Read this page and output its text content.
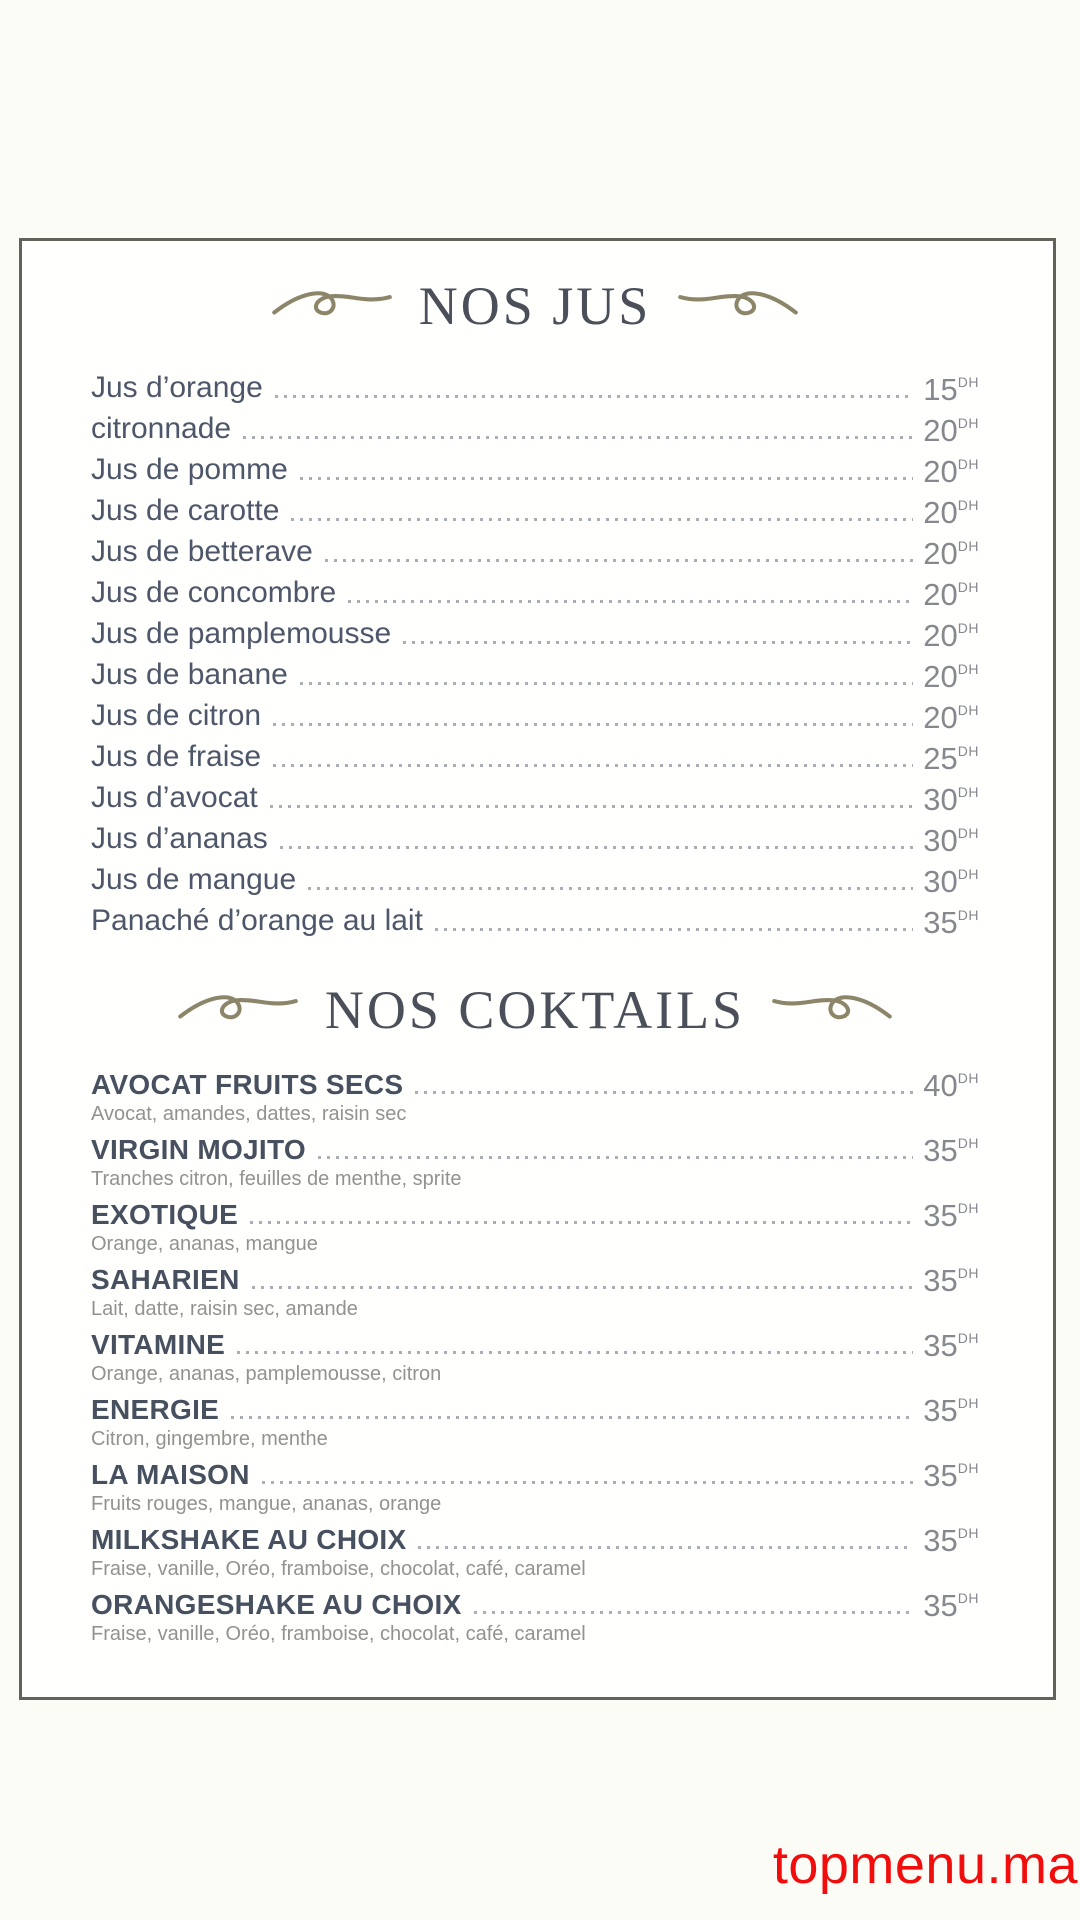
NOS JUS
Jus d’orange	15DH
citronnade	20DH
Jus de pomme	20DH
Jus de carotte	20DH
Jus de betterave	20DH
Jus de concombre	20DH
Jus de pamplemousse	20DH
Jus de banane	20DH
Jus de citron	20DH
Jus de fraise	25DH
Jus d’avocat	30DH
Jus d’ananas	30DH
Jus de mangue	30DH
Panaché d’orange au lait	35DH
NOS COKTAILS
AVOCAT FRUITS SECS	40DH
Avocat, amandes, dattes, raisin sec
VIRGIN MOJITO	35DH
Tranches citron, feuilles de menthe, sprite
EXOTIQUE	35DH
Orange, ananas, mangue
SAHARIEN	35DH
Lait, datte, raisin sec, amande
VITAMINE	35DH
Orange, ananas, pamplemousse, citron
ENERGIE	35DH
Citron, gingembre, menthe
LA MAISON	35DH
Fruits rouges, mangue, ananas, orange
MILKSHAKE AU CHOIX	35DH
Fraise, vanille, Oréo, framboise, chocolat, café, caramel
ORANGESHAKE AU CHOIX	35DH
Fraise, vanille, Oréo, framboise, chocolat, café, caramel
topmenu.ma
